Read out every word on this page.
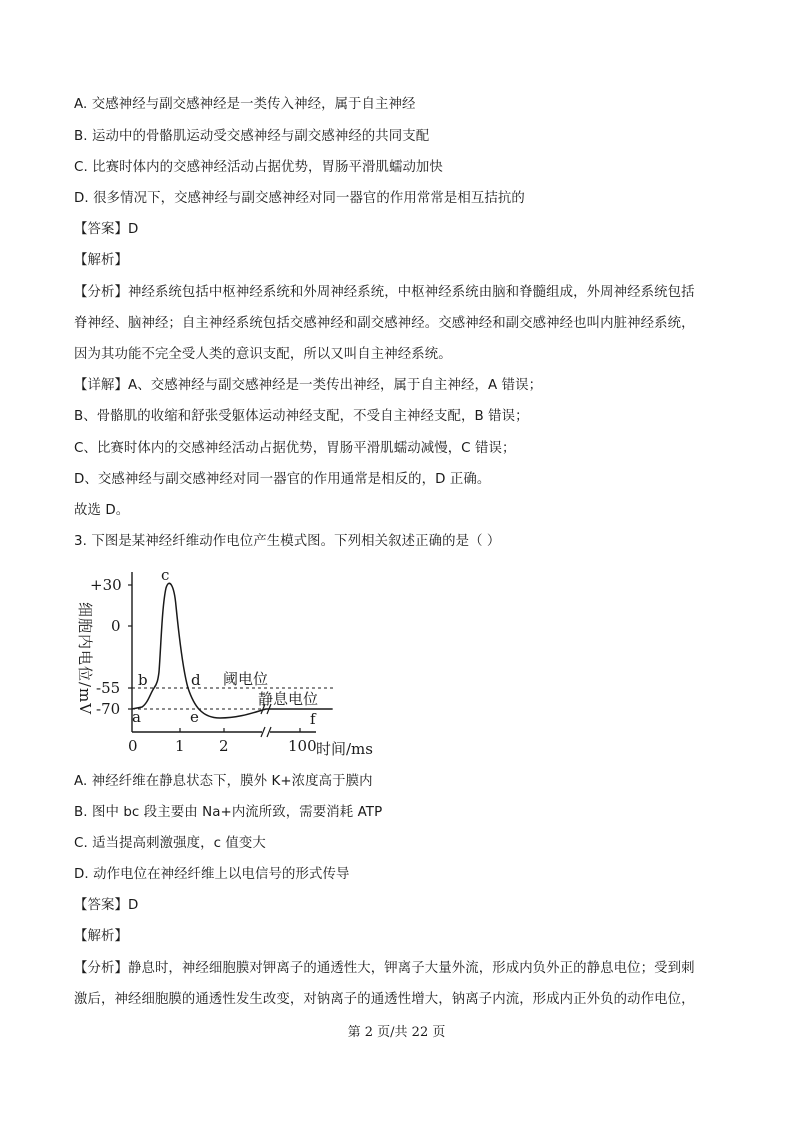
A. 交感神经与副交感神经是一类传入神经，属于自主神经
B. 运动中的骨骼肌运动受交感神经与副交感神经的共同支配
C. 比赛时体内的交感神经活动占据优势，胃肠平滑肌蠕动加快
D. 很多情况下，交感神经与副交感神经对同一器官的作用常常是相互拮抗的
【答案】D
【解析】
【分析】神经系统包括中枢神经系统和外周神经系统，中枢神经系统由脑和脊髓组成，外周神经系统包括
脊神经、脑神经；自主神经系统包括交感神经和副交感神经。交感神经和副交感神经也叫内脏神经系统，
因为其功能不完全受人类的意识支配，所以又叫自主神经系统。
【详解】A、交感神经与副交感神经是一类传出神经，属于自主神经，A 错误；
B、骨骼肌的收缩和舒张受躯体运动神经支配，不受自主神经支配，B 错误；
C、比赛时体内的交感神经活动占据优势，胃肠平滑肌蠕动减慢，C 错误；
D、交感神经与副交感神经对同一器官的作用通常是相反的，D 正确。
故选 D。
3. 下图是某神经纤维动作电位产生模式图。下列相关叙述正确的是（ ）
细胞内电位/mV
+30
0
-55
-70 a
b
c
d
e	f
阈电位
静息电位
0 1 2	100 时间/ms
A. 神经纤维在静息状态下，膜外 K+浓度高于膜内
B. 图中 bc 段主要由 Na+内流所致，需要消耗 ATP
C. 适当提高刺激强度，c 值变大
D. 动作电位在神经纤维上以电信号的形式传导
【答案】D
【解析】
【分析】静息时，神经细胞膜对钾离子的通透性大，钾离子大量外流，形成内负外正的静息电位；受到刺
激后，神经细胞膜的通透性发生改变，对钠离子的通透性增大，钠离子内流，形成内正外负的动作电位，
第 2 页/共 22 页
